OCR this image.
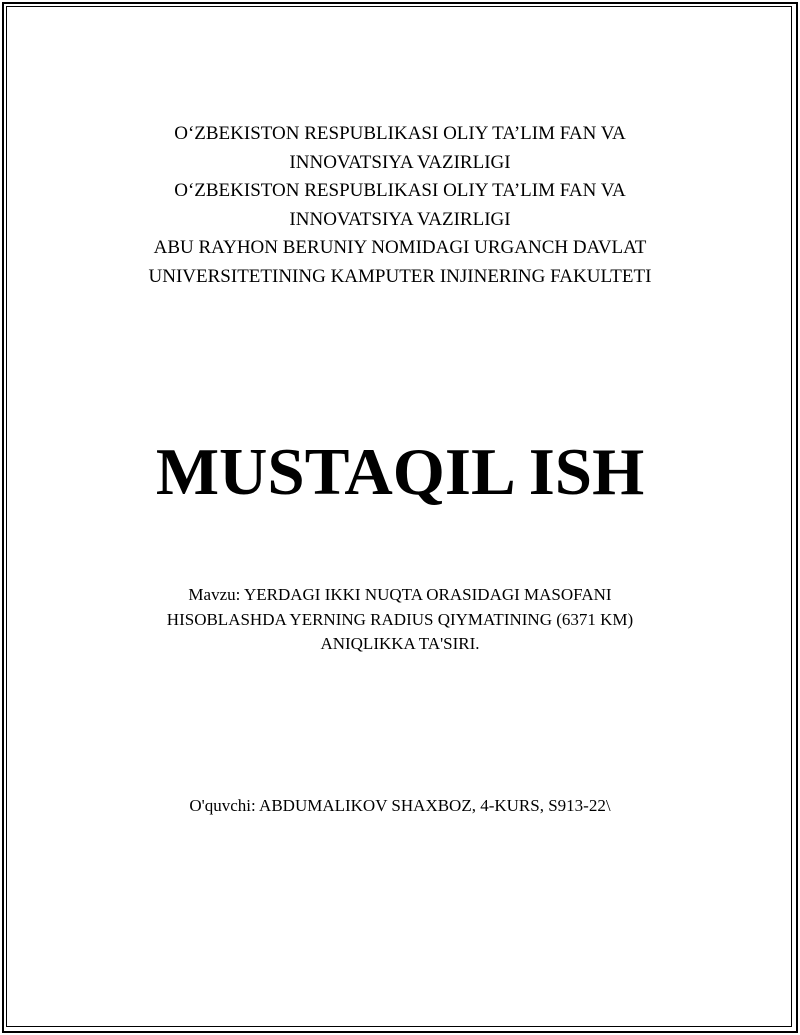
O‘ZBEKISTON RESPUBLIKASI OLIY TA’LIM FAN VA
INNOVATSIYA VAZIRLIGI
O‘ZBEKISTON RESPUBLIKASI OLIY TA’LIM FAN VA
INNOVATSIYA VAZIRLIGI
ABU RAYHON BERUNIY NOMIDAGI URGANCH DAVLAT
UNIVERSITETINING KAMPUTER INJINERING FAKULTETI
MUSTAQIL ISH
Mavzu: YERDAGI IKKI NUQTA ORASIDAGI MASOFANI
HISOBLASHDA YERNING RADIUS QIYMATINING (6371 KM)
ANIQLIKKA TA'SIRI.
O'quvchi: ABDUMALIKOV SHAXBOZ, 4-KURS, S913-22\
